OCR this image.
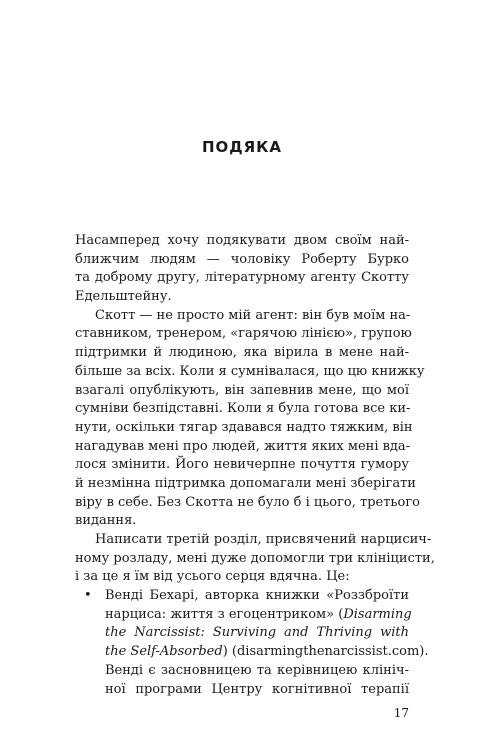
ПОДЯКА
Насамперед хочу подякувати двом своїм най-
ближчим людям — чоловіку Роберту Бурко
та доброму другу, літературному агенту Скотту
Едельштейну.
Скотт — не просто мій агент: він був моїм на-
ставником, тренером, «гарячою лінією», групою
підтримки й людиною, яка вірила в мене най-
більше за всіх. Коли я сумнівалася, що цю книжку
взагалі опублікують, він запевнив мене, що мої
сумніви безпідставні. Коли я була готова все ки-
нути, оскільки тягар здавався надто тяжким, він
нагадував мені про людей, життя яких мені вда-
лося змінити. Його невичерпне почуття гумору
й незмінна підтримка допомагали мені зберігати
віру в себе. Без Скотта не було б і цього, третього
видання.
Написати третій розділ, присвячений нарцисич-
ному розладу, мені дуже допомогли три клініцисти,
і за це я їм від усього серця вдячна. Це:
•	Венді Бехарі, авторка книжки «Роззброїти
нарциса: життя з егоцентриком» (Disarming
the Narcissist: Surviving and Thriving with
the Self-Absorbed) (disarmingthenarcissist.com).
Венді є засновницею та керівницею клініч-
ної програми Центру когнітивної терапії
17
